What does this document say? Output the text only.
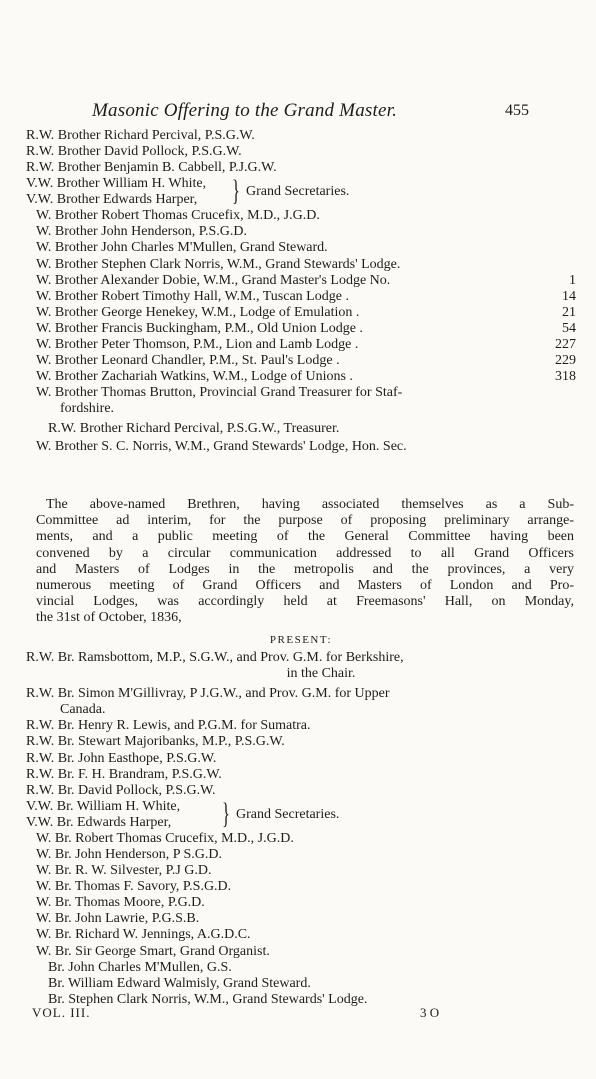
Masonic Offering to the Grand Master.	455
R.W. Brother Richard Percival, P.S.G.W.
R.W. Brother David Pollock, P.S.G.W.
R.W. Brother Benjamin B. Cabbell, P.J.G.W.
V.W. Brother William H. White,
V.W. Brother Edwards Harper,	} Grand Secretaries.
W. Brother Robert Thomas Crucefix, M.D., J.G.D.
W. Brother John Henderson, P.S.G.D.
W. Brother John Charles M'Mullen, Grand Steward.
W. Brother Stephen Clark Norris, W.M., Grand Stewards' Lodge.
W. Brother Alexander Dobie, W.M., Grand Master's Lodge No.	1
W. Brother Robert Timothy Hall, W.M., Tuscan Lodge .	14
W. Brother George Henekey, W.M., Lodge of Emulation .	21
W. Brother Francis Buckingham, P.M., Old Union Lodge .	54
W. Brother Peter Thomson, P.M., Lion and Lamb Lodge .	227
W. Brother Leonard Chandler, P.M., St. Paul's Lodge .	229
W. Brother Zachariah Watkins, W.M., Lodge of Unions .	318
W. Brother Thomas Brutton, Provincial Grand Treasurer for Staf-
fordshire.
R.W. Brother Richard Percival, P.S.G.W., Treasurer.
W. Brother S. C. Norris, W.M., Grand Stewards' Lodge, Hon. Sec.
The above-named Brethren, having associated themselves as a Sub-
Committee ad interim, for the purpose of proposing preliminary arrange-
ments, and a public meeting of the General Committee having been
convened by a circular communication addressed to all Grand Officers
and Masters of Lodges in the metropolis and the provinces, a very
numerous meeting of Grand Officers and Masters of London and Pro-
vincial Lodges, was accordingly held at Freemasons' Hall, on Monday,
the 31st of October, 1836,
PRESENT:
R.W. Br. Ramsbottom, M.P., S.G.W., and Prov. G.M. for Berkshire,
in the Chair.
R.W. Br. Simon M'Gillivray, P J.G.W., and Prov. G.M. for Upper
Canada.
R.W. Br. Henry R. Lewis, and P.G.M. for Sumatra.
R.W. Br. Stewart Majoribanks, M.P., P.S.G.W.
R.W. Br. John Easthope, P.S.G.W.
R.W. Br. F. H. Brandram, P.S.G.W.
R.W. Br. David Pollock, P.S.G.W.
V.W. Br. William H. White,
V.W. Br. Edwards Harper,	} Grand Secretaries.
W. Br. Robert Thomas Crucefix, M.D., J.G.D.
W. Br. John Henderson, P S.G.D.
W. Br. R. W. Silvester, P.J G.D.
W. Br. Thomas F. Savory, P.S.G.D.
W. Br. Thomas Moore, P.G.D.
W. Br. John Lawrie, P.G.S.B.
W. Br. Richard W. Jennings, A.G.D.C.
W. Br. Sir George Smart, Grand Organist.
Br. John Charles M'Mullen, G.S.
Br. William Edward Walmisly, Grand Steward.
Br. Stephen Clark Norris, W.M., Grand Stewards' Lodge.
VOL. III.	3 O
